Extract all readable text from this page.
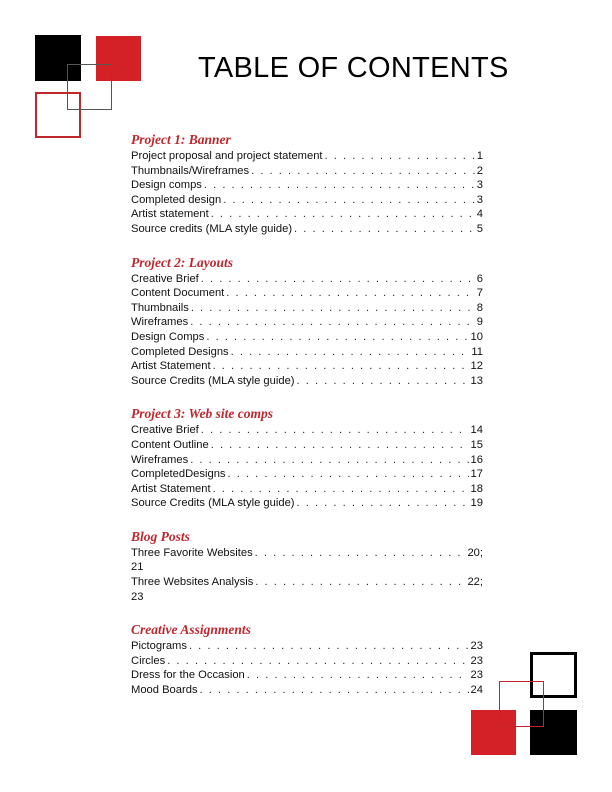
TABLE OF CONTENTS
Project 1: Banner
Project proposal and project statement . . .	1
Thumbnails/Wireframes . . .	2
Design comps . . .	3
Completed design . . .	3
Artist statement . . .	4
Source credits (MLA style guide) . . .	5
Project 2: Layouts
Creative Brief . . .	6
Content Document . . .	7
Thumbnails . . .	8
Wireframes . . .	9
Design Comps . . .	10
Completed Designs . . .	11
Artist Statement . . .	12
Source Credits (MLA style guide) . . .	13
Project 3: Web site comps
Creative Brief . . .	14
Content Outline . . .	15
Wireframes . . .	16
CompletedDesigns . . .	17
Artist Statement . . .	18
Source Credits (MLA style guide) . . .	19
Blog Posts
Three Favorite Websites . . .	20;
21
Three Websites Analysis . . .	22;
23
Creative Assignments
Pictograms . . .	23
Circles . . .	23
Dress for the Occasion . . .	23
Mood Boards . . .	24
